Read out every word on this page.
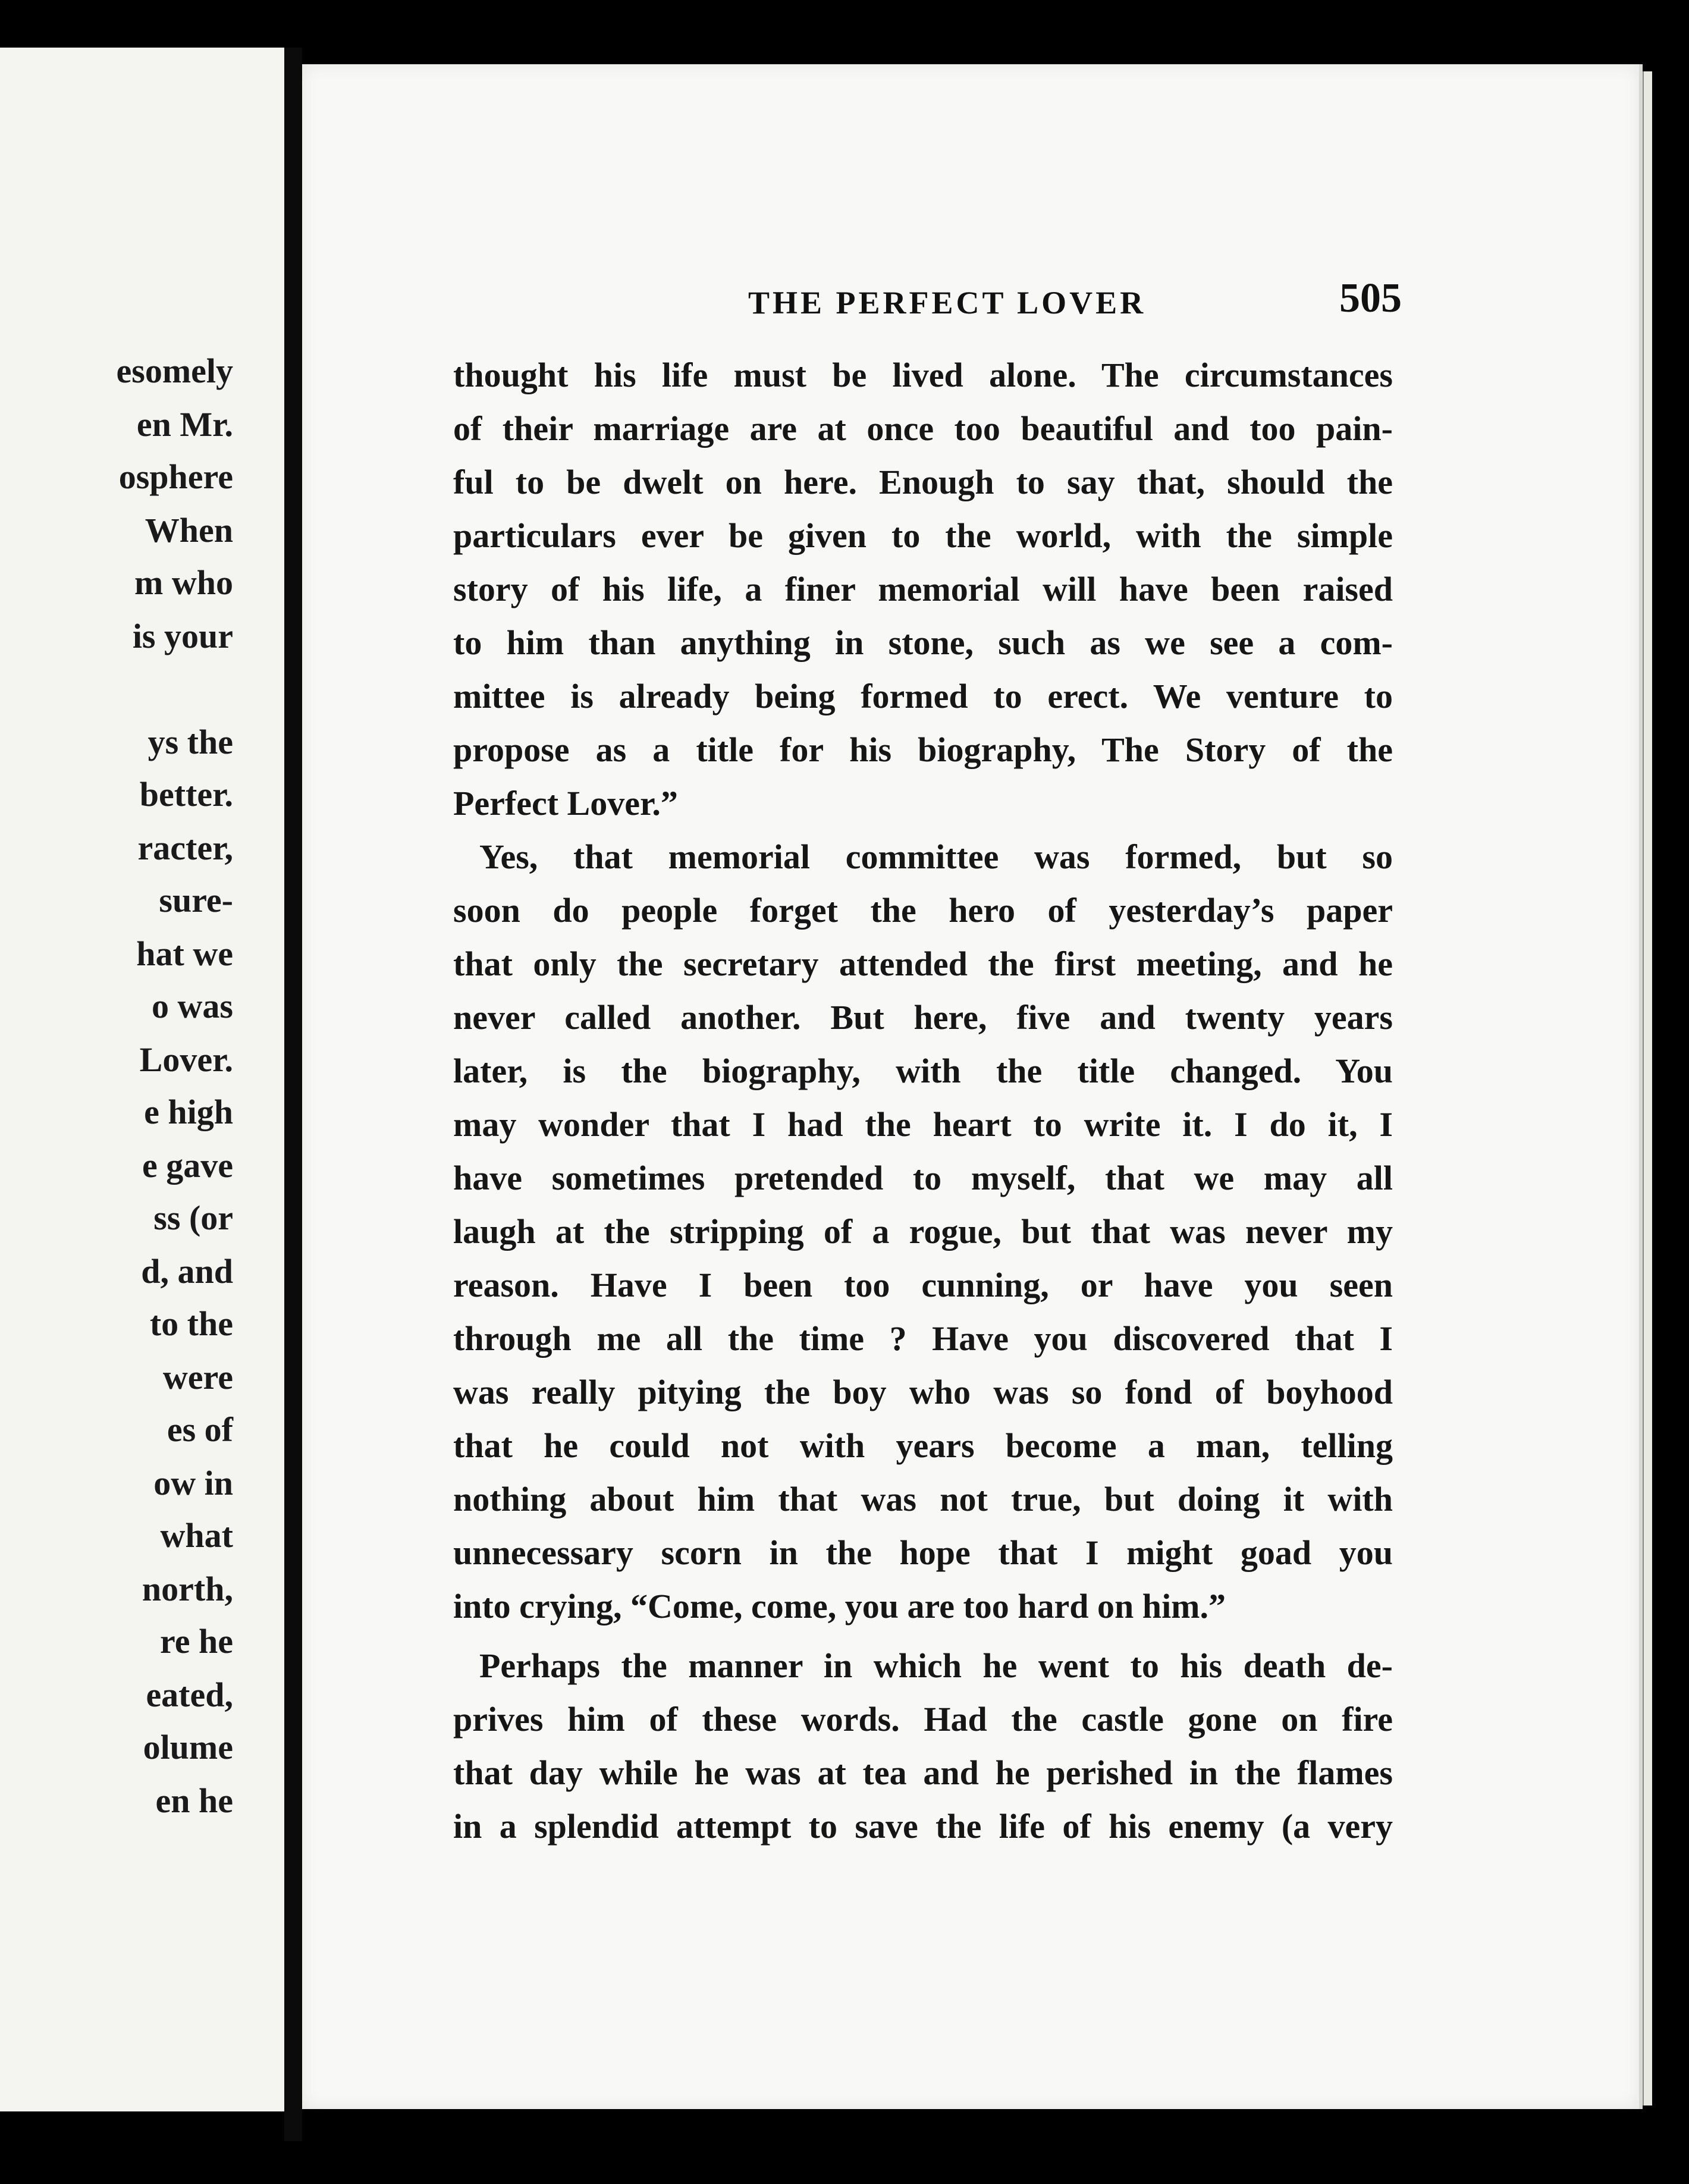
esomely
en Mr.
osphere
When
m who
is your
ys the
better.
racter,
sure-
hat we
o was
Lover.
e high
e gave
ss (or
d, and
to the
were
es of
ow in
what
north,
re he
eated,
olume
en he
THE PERFECT LOVER	505
thought his life must be lived alone. The circumstances
of their marriage are at once too beautiful and too pain-
ful to be dwelt on here. Enough to say that, should the
particulars ever be given to the world, with the simple
story of his life, a finer memorial will have been raised
to him than anything in stone, such as we see a com-
mittee is already being formed to erect. We venture to
propose as a title for his biography, The Story of the
Perfect Lover.”
Yes, that memorial committee was formed, but so
soon do people forget the hero of yesterday’s paper
that only the secretary attended the first meeting, and he
never called another. But here, five and twenty years
later, is the biography, with the title changed. You
may wonder that I had the heart to write it. I do it, I
have sometimes pretended to myself, that we may all
laugh at the stripping of a rogue, but that was never my
reason. Have I been too cunning, or have you seen
through me all the time ? Have you discovered that I
was really pitying the boy who was so fond of boyhood
that he could not with years become a man, telling
nothing about him that was not true, but doing it with
unnecessary scorn in the hope that I might goad you
into crying, “Come, come, you are too hard on him.”
Perhaps the manner in which he went to his death de-
prives him of these words. Had the castle gone on fire
that day while he was at tea and he perished in the flames
in a splendid attempt to save the life of his enemy (a very
